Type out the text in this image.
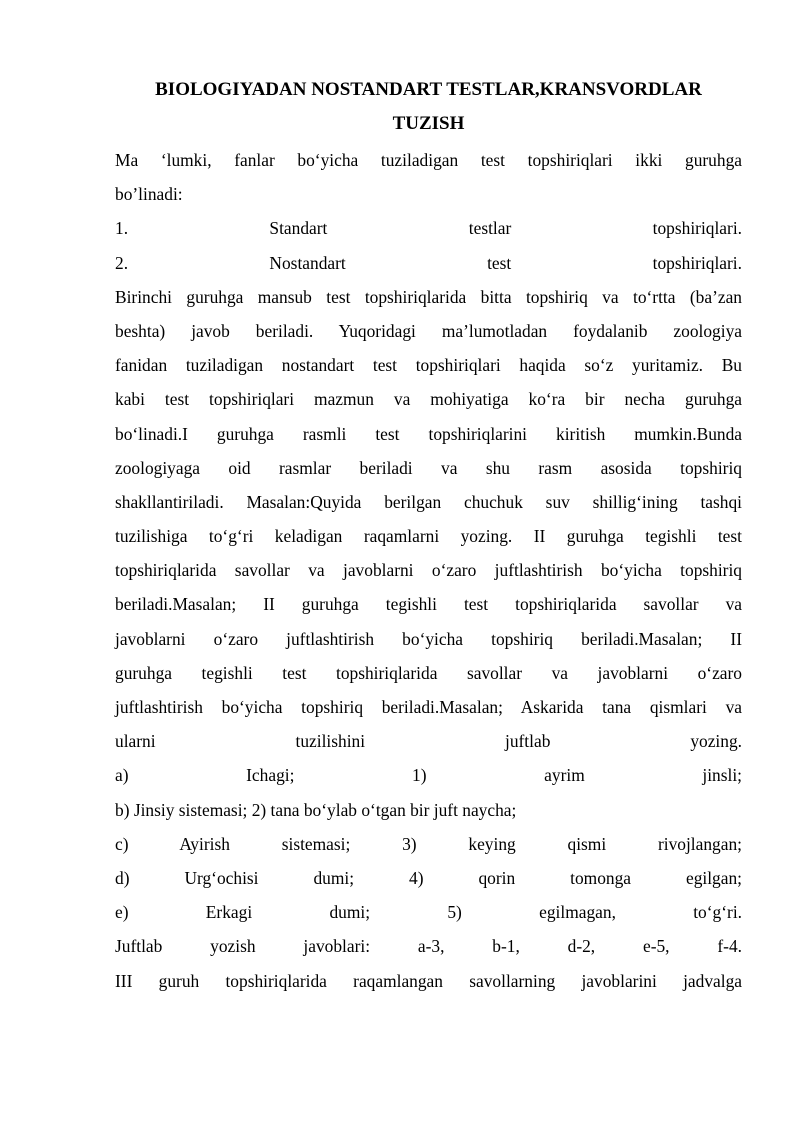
BIOLOGIYADAN NOSTANDART TESTLAR,KRANSVORDLAR
TUZISH
Ma ‘lumki, fanlar bo‘yicha tuziladigan test topshiriqlari ikki guruhga
bo’linadi:
1. Standart testlar topshiriqlari.
2. Nostandart test topshiriqlari.
Birinchi guruhga mansub test topshiriqlarida bitta topshiriq va to‘rtta (ba’zan
beshta) javob beriladi. Yuqoridagi ma’lumotladan foydalanib zoologiya
fanidan tuziladigan nostandart test topshiriqlari haqida so‘z yuritamiz. Bu
kabi test topshiriqlari mazmun va mohiyatiga ko‘ra bir necha guruhga
bo‘linadi.I guruhga rasmli test topshiriqlarini kiritish mumkin.Bunda
zoologiyaga oid rasmlar beriladi va shu rasm asosida topshiriq
shakllantiriladi. Masalan:Quyida berilgan chuchuk suv shillig‘ining tashqi
tuzilishiga to‘g‘ri keladigan raqamlarni yozing. II guruhga tegishli test
topshiriqlarida savollar va javoblarni o‘zaro juftlashtirish bo‘yicha topshiriq
beriladi.Masalan; II guruhga tegishli test topshiriqlarida savollar va
javoblarni o‘zaro juftlashtirish bo‘yicha topshiriq beriladi.Masalan; II
guruhga tegishli test topshiriqlarida savollar va javoblarni o‘zaro
juftlashtirish bo‘yicha topshiriq beriladi.Masalan; Askarida tana qismlari va
ularni tuzilishini juftlab yozing.
a) Ichagi; 1) ayrim jinsli;
b) Jinsiy sistemasi; 2) tana bo‘ylab o‘tgan bir juft naycha;
c) Ayirish sistemasi; 3) keying qismi rivojlangan;
d) Urg‘ochisi dumi; 4) qorin tomonga egilgan;
e) Erkagi dumi; 5) egilmagan, to‘g‘ri.
Juftlab yozish javoblari: a-3, b-1, d-2, e-5, f-4.
III guruh topshiriqlarida raqamlangan savollarning javoblarini jadvalga
